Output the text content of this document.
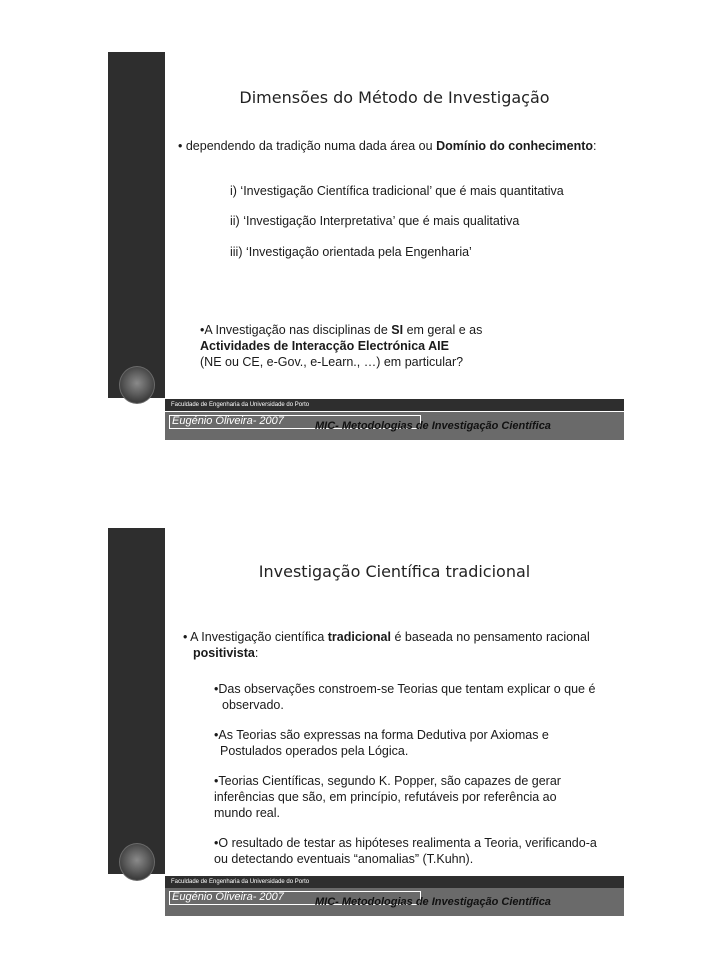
Dimensões do Método de Investigação
• dependendo da tradição numa dada área ou Domínio do conhecimento:
i) ‘Investigação Científica tradicional’ que é mais quantitativa
ii) ‘Investigação Interpretativa’ que é mais qualitativa
iii) ‘Investigação orientada pela Engenharia’
•A Investigação nas disciplinas de SI em geral e as
Actividades de Interacção Electrónica AIE
(NE ou CE, e-Gov., e-Learn., …) em particular?
FEUP
Faculdade de Engenharia da Universidade do Porto
Eugénio Oliveira- 2007	MIC- Metodologias de Investigação Científica
Investigação Científica tradicional
• A Investigação científica tradicional é baseada no pensamento racional
positivista:
•Das observações constroem-se Teorias que tentam explicar o que é
observado.
•As Teorias são expressas na forma Dedutiva por Axiomas e
Postulados operados pela Lógica.
•Teorias Científicas, segundo K. Popper, são capazes de gerar
inferências que são, em princípio, refutáveis por referência ao
mundo real.
•O resultado de testar as hipóteses realimenta a Teoria, verificando-a
ou detectando eventuais “anomalias” (T.Kuhn).
FEUP
Faculdade de Engenharia da Universidade do Porto
Eugénio Oliveira- 2007	MIC- Metodologias de Investigação Científica
